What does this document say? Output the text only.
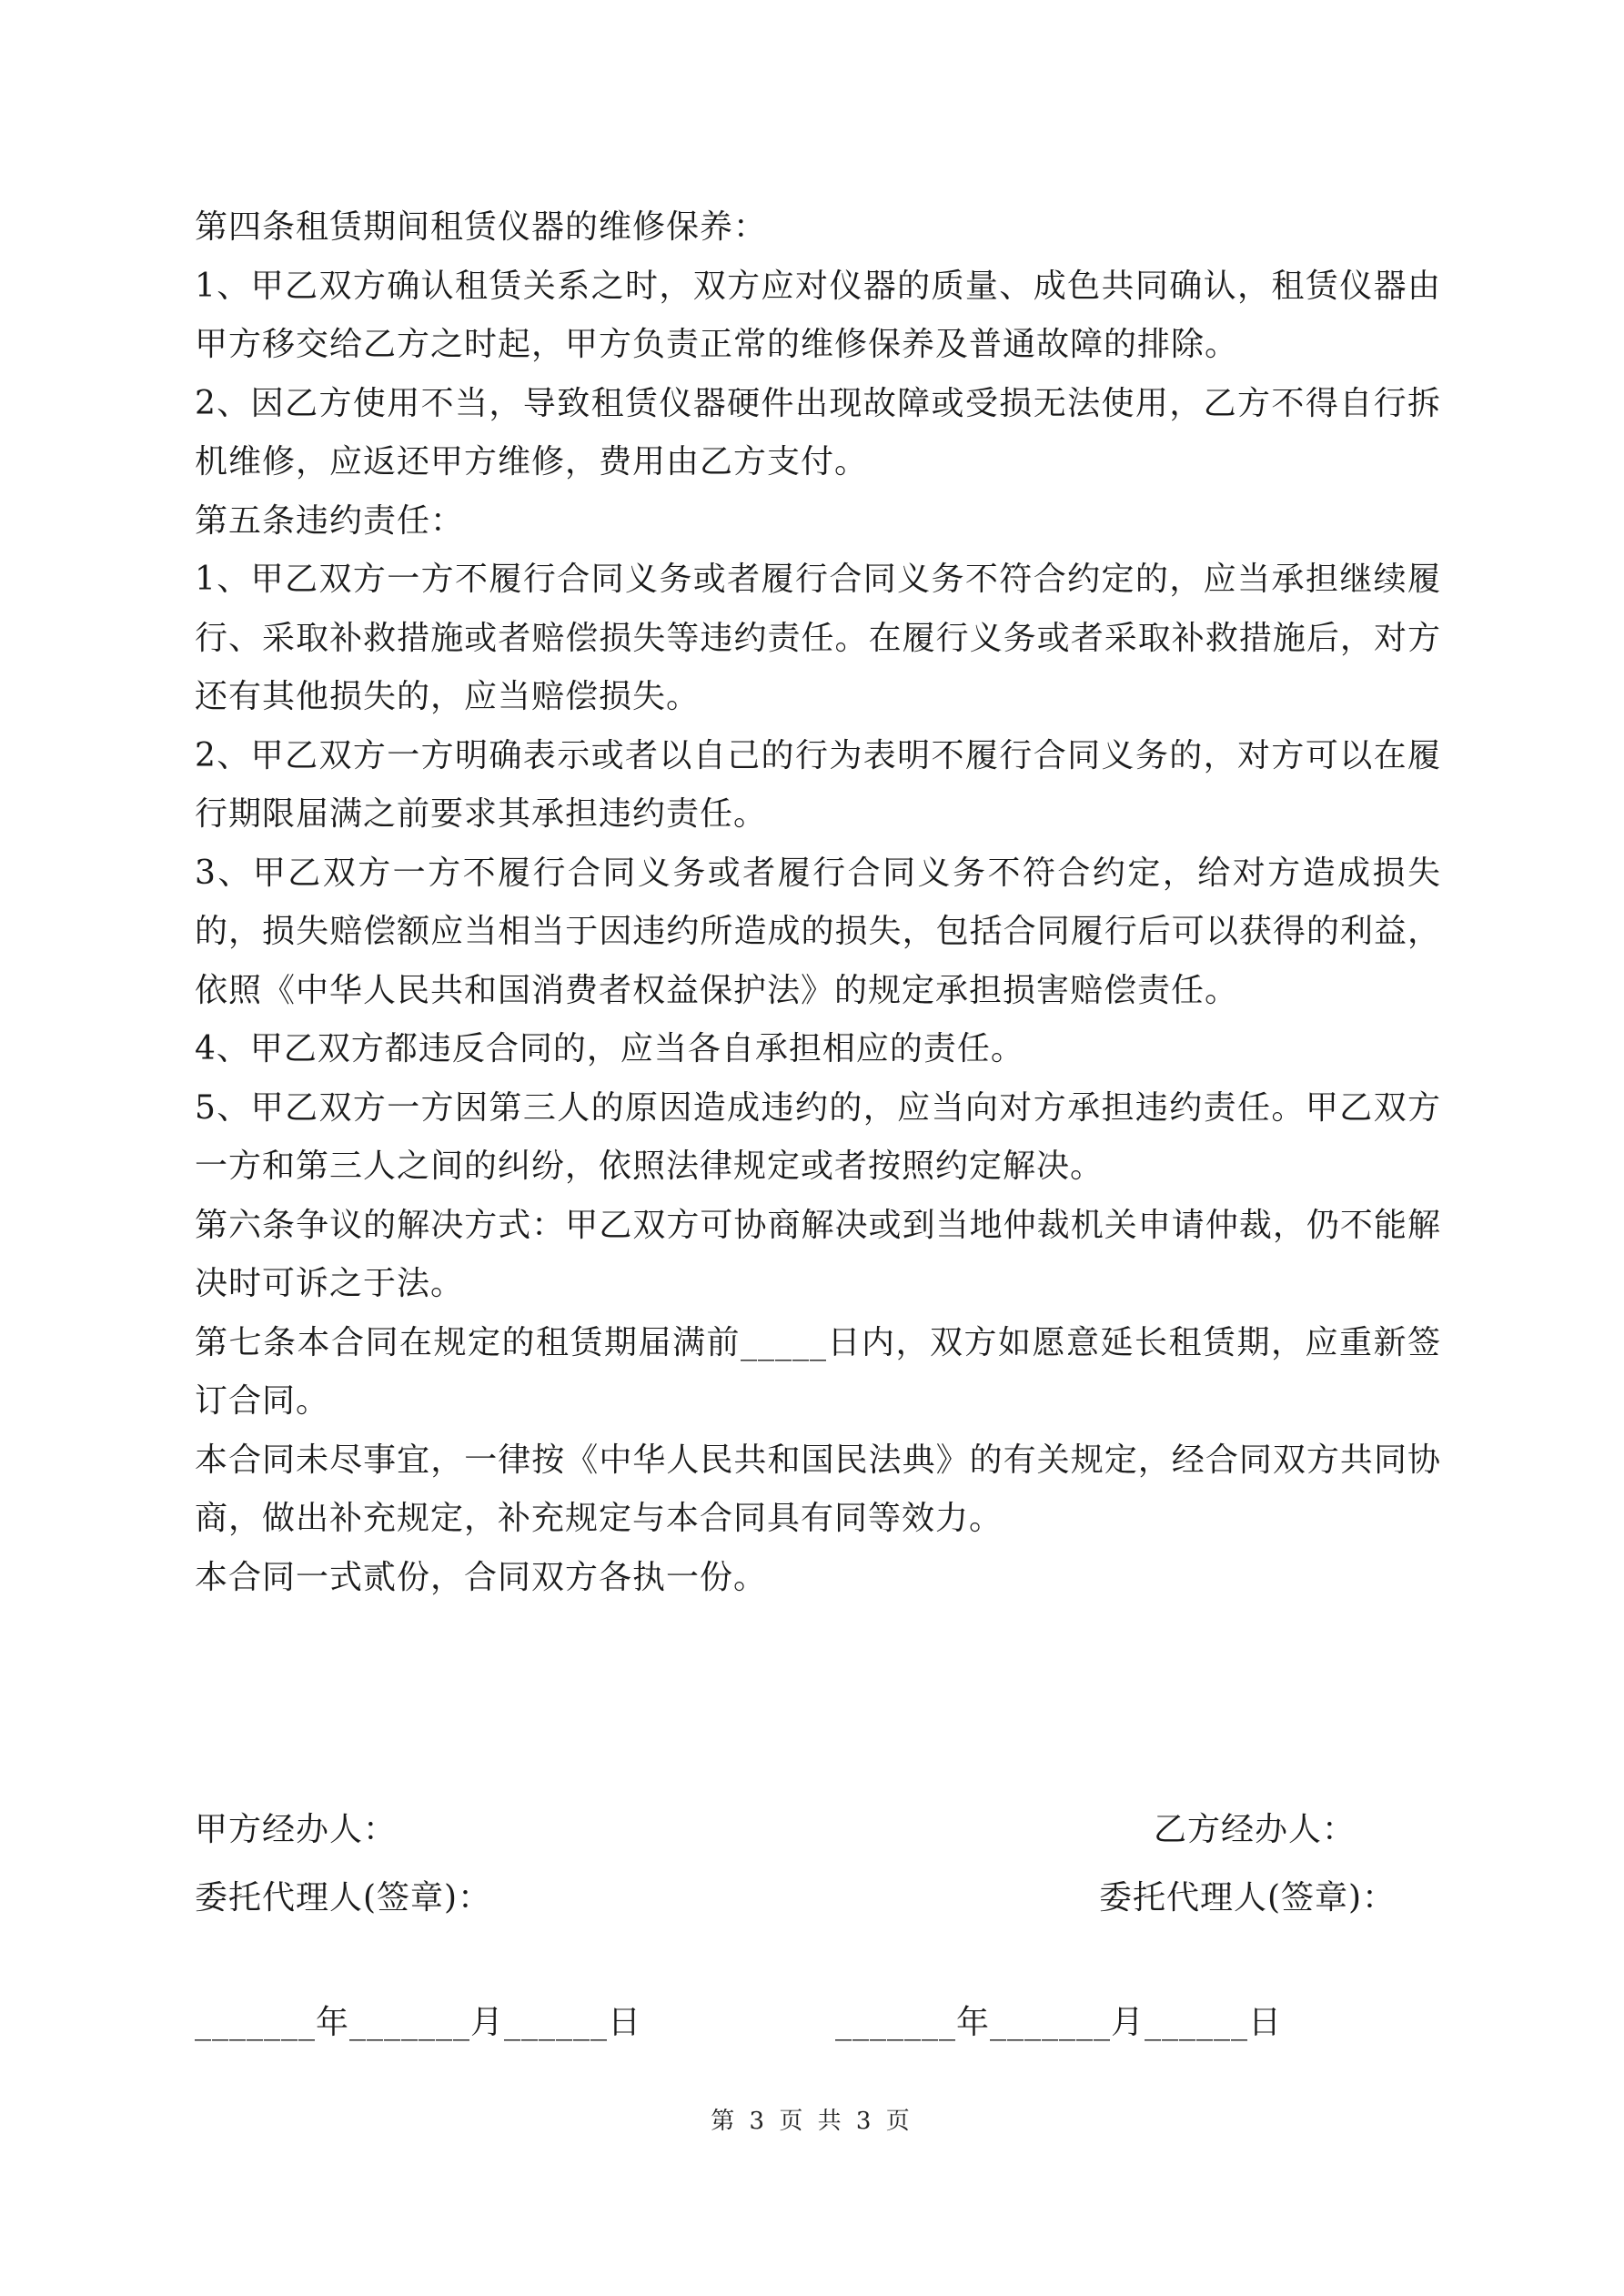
第四条租赁期间租赁仪器的维修保养：

1、甲乙双方确认租赁关系之时，双方应对仪器的质量、成色共同确认，租赁仪器由甲方移交给乙方之时起，甲方负责正常的维修保养及普通故障的排除。

2、因乙方使用不当，导致租赁仪器硬件出现故障或受损无法使用，乙方不得自行拆机维修，应返还甲方维修，费用由乙方支付。

第五条违约责任：

1、甲乙双方一方不履行合同义务或者履行合同义务不符合约定的，应当承担继续履行、采取补救措施或者赔偿损失等违约责任。在履行义务或者采取补救措施后，对方还有其他损失的，应当赔偿损失。

2、甲乙双方一方明确表示或者以自己的行为表明不履行合同义务的，对方可以在履行期限届满之前要求其承担违约责任。

3、甲乙双方一方不履行合同义务或者履行合同义务不符合约定，给对方造成损失的，损失赔偿额应当相当于因违约所造成的损失，包括合同履行后可以获得的利益，依照《中华人民共和国消费者权益保护法》的规定承担损害赔偿责任。

4、甲乙双方都违反合同的，应当各自承担相应的责任。

5、甲乙双方一方因第三人的原因造成违约的，应当向对方承担违约责任。甲乙双方一方和第三人之间的纠纷，依照法律规定或者按照约定解决。

第六条争议的解决方式：甲乙双方可协商解决或到当地仲裁机关申请仲裁，仍不能解决时可诉之于法。

第七条本合同在规定的租赁期届满前_____日内，双方如愿意延长租赁期，应重新签订合同。

本合同未尽事宜，一律按《中华人民共和国民法典》的有关规定，经合同双方共同协商，做出补充规定，补充规定与本合同具有同等效力。

本合同一式贰份，合同双方各执一份。

甲方经办人：	乙方经办人：
委托代理人(签章)：	委托代理人(签章)：
_______年_______月______日	_______年_______月______日
第 3 页 共 3 页
